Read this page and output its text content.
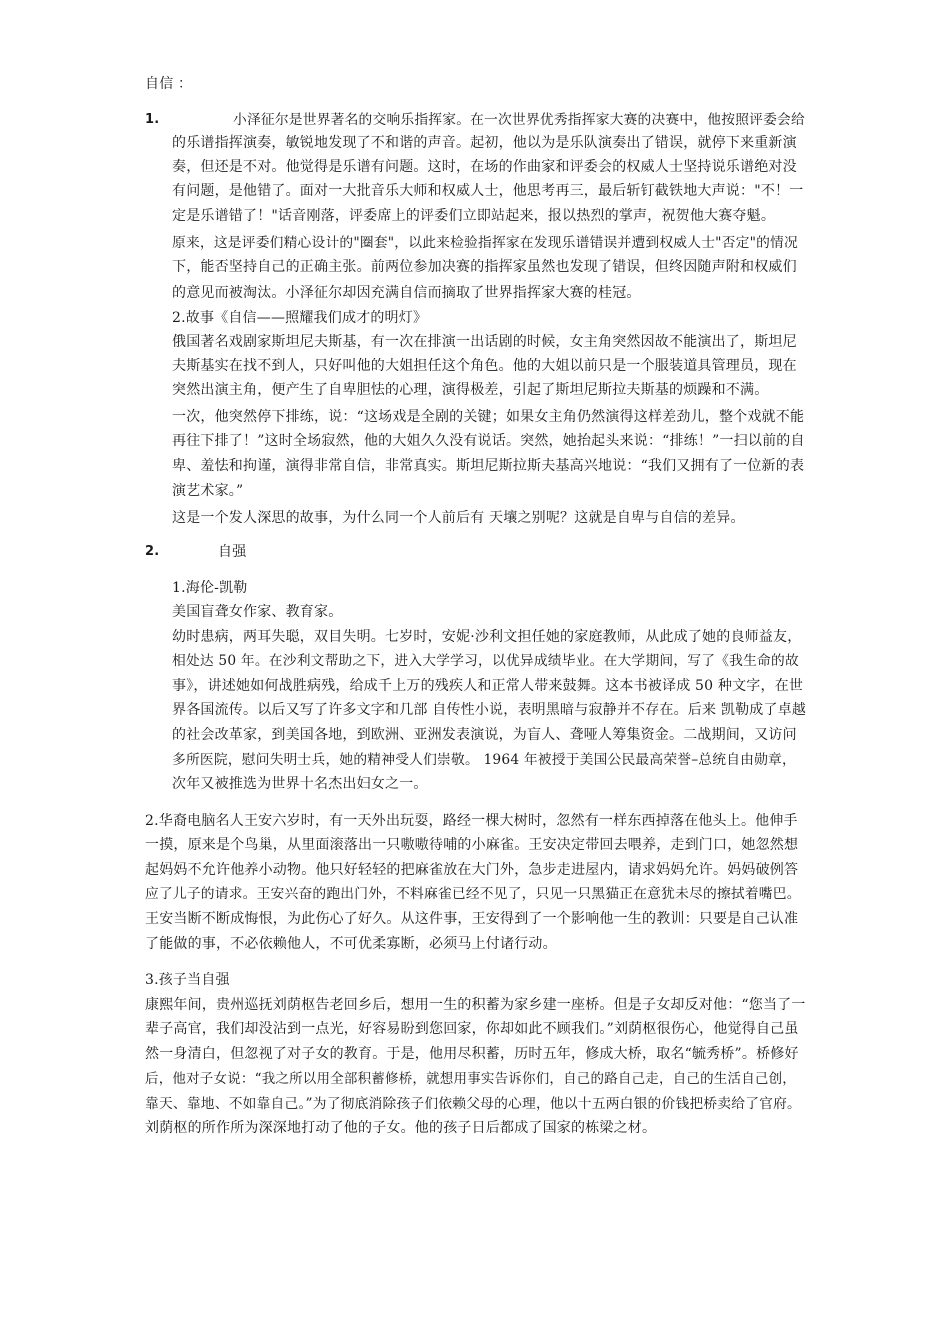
自信 ：
1.	小泽征尔是世界著名的交响乐指挥家。在一次世界优秀指挥家大赛的决赛中，他按照评委会给
的乐谱指挥演奏，敏锐地发现了不和谐的声音。起初，他以为是乐队演奏出了错误，就停下来重新演
奏，但还是不对。他觉得是乐谱有问题。这时，在场的作曲家和评委会的权威人士坚持说乐谱绝对没
有问题，是他错了。面对一大批音乐大师和权威人士，他思考再三，最后斩钉截铁地大声说："不！一
定是乐谱错了！"话音刚落，评委席上的评委们立即站起来，报以热烈的掌声，祝贺他大赛夺魁。
原来，这是评委们精心设计的"圈套"，以此来检验指挥家在发现乐谱错误并遭到权威人士"否定"的情况
下，能否坚持自己的正确主张。前两位参加决赛的指挥家虽然也发现了错误，但终因随声附和权威们
的意见而被淘汰。小泽征尔却因充满自信而摘取了世界指挥家大赛的桂冠。
2.故事《自信——照耀我们成才的明灯》
俄国著名戏剧家斯坦尼夫斯基，有一次在排演一出话剧的时候，女主角突然因故不能演出了，斯坦尼
夫斯基实在找不到人，只好叫他的大姐担任这个角色。他的大姐以前只是一个服装道具管理员，现在
突然出演主角，便产生了自卑胆怯的心理，演得极差，引起了斯坦尼斯拉夫斯基的烦躁和不满。
一次，他突然停下排练，说：“这场戏是全剧的关键；如果女主角仍然演得这样差劲儿，整个戏就不能
再往下排了！”这时全场寂然，他的大姐久久没有说话。突然，她抬起头来说：“排练！”一扫以前的自
卑、羞怯和拘谨，演得非常自信，非常真实。斯坦尼斯拉斯夫基高兴地说：“我们又拥有了一位新的表
演艺术家。”
这是一个发人深思的故事，为什么同一个人前后有 天壤之别呢？这就是自卑与自信的差异。
2.	自强
1.海伦-凯勒
美国盲聋女作家、教育家。
幼时患病，两耳失聪，双目失明。七岁时，安妮·沙利文担任她的家庭教师，从此成了她的良师益友，
相处达 50 年。在沙利文帮助之下，进入大学学习，以优异成绩毕业。在大学期间，写了《我生命的故
事》，讲述她如何战胜病残，给成千上万的残疾人和正常人带来鼓舞。这本书被译成 50 种文字，在世
界各国流传。以后又写了许多文字和几部 自传性小说，表明黑暗与寂静并不存在。后来 凯勒成了卓越
的社会改革家，到美国各地，到欧洲、亚洲发表演说，为盲人、聋哑人筹集资金。二战期间，又访问
多所医院，慰问失明士兵，她的精神受人们崇敬。 1964 年被授于美国公民最高荣誉–总统自由勋章，
次年又被推选为世界十名杰出妇女之一。
2.华裔电脑名人王安六岁时，有一天外出玩耍，路经一棵大树时，忽然有一样东西掉落在他头上。他伸手
一摸，原来是个鸟巢，从里面滚落出一只嗷嗷待哺的小麻雀。王安决定带回去喂养，走到门口，她忽然想
起妈妈不允许他养小动物。他只好轻轻的把麻雀放在大门外，急步走进屋内，请求妈妈允许。妈妈破例答
应了儿子的请求。王安兴奋的跑出门外，不料麻雀已经不见了，只见一只黑猫正在意犹未尽的擦拭着嘴巴。
王安当断不断成悔恨，为此伤心了好久。从这件事，王安得到了一个影响他一生的教训：只要是自己认准
了能做的事，不必依赖他人，不可优柔寡断，必须马上付诸行动。
3.孩子当自强
康熙年间，贵州巡抚刘荫枢告老回乡后，想用一生的积蓄为家乡建一座桥。但是子女却反对他：“您当了一
辈子高官，我们却没沾到一点光，好容易盼到您回家，你却如此不顾我们。”刘荫枢很伤心，他觉得自己虽
然一身清白，但忽视了对子女的教育。于是，他用尽积蓄，历时五年，修成大桥，取名“毓秀桥”。桥修好
后，他对子女说：“我之所以用全部积蓄修桥，就想用事实告诉你们，自己的路自己走，自己的生活自己创，
靠天、靠地、不如靠自己。”为了彻底消除孩子们依赖父母的心理，他以十五两白银的价钱把桥卖给了官府。
刘荫枢的所作所为深深地打动了他的子女。他的孩子日后都成了国家的栋梁之材。
